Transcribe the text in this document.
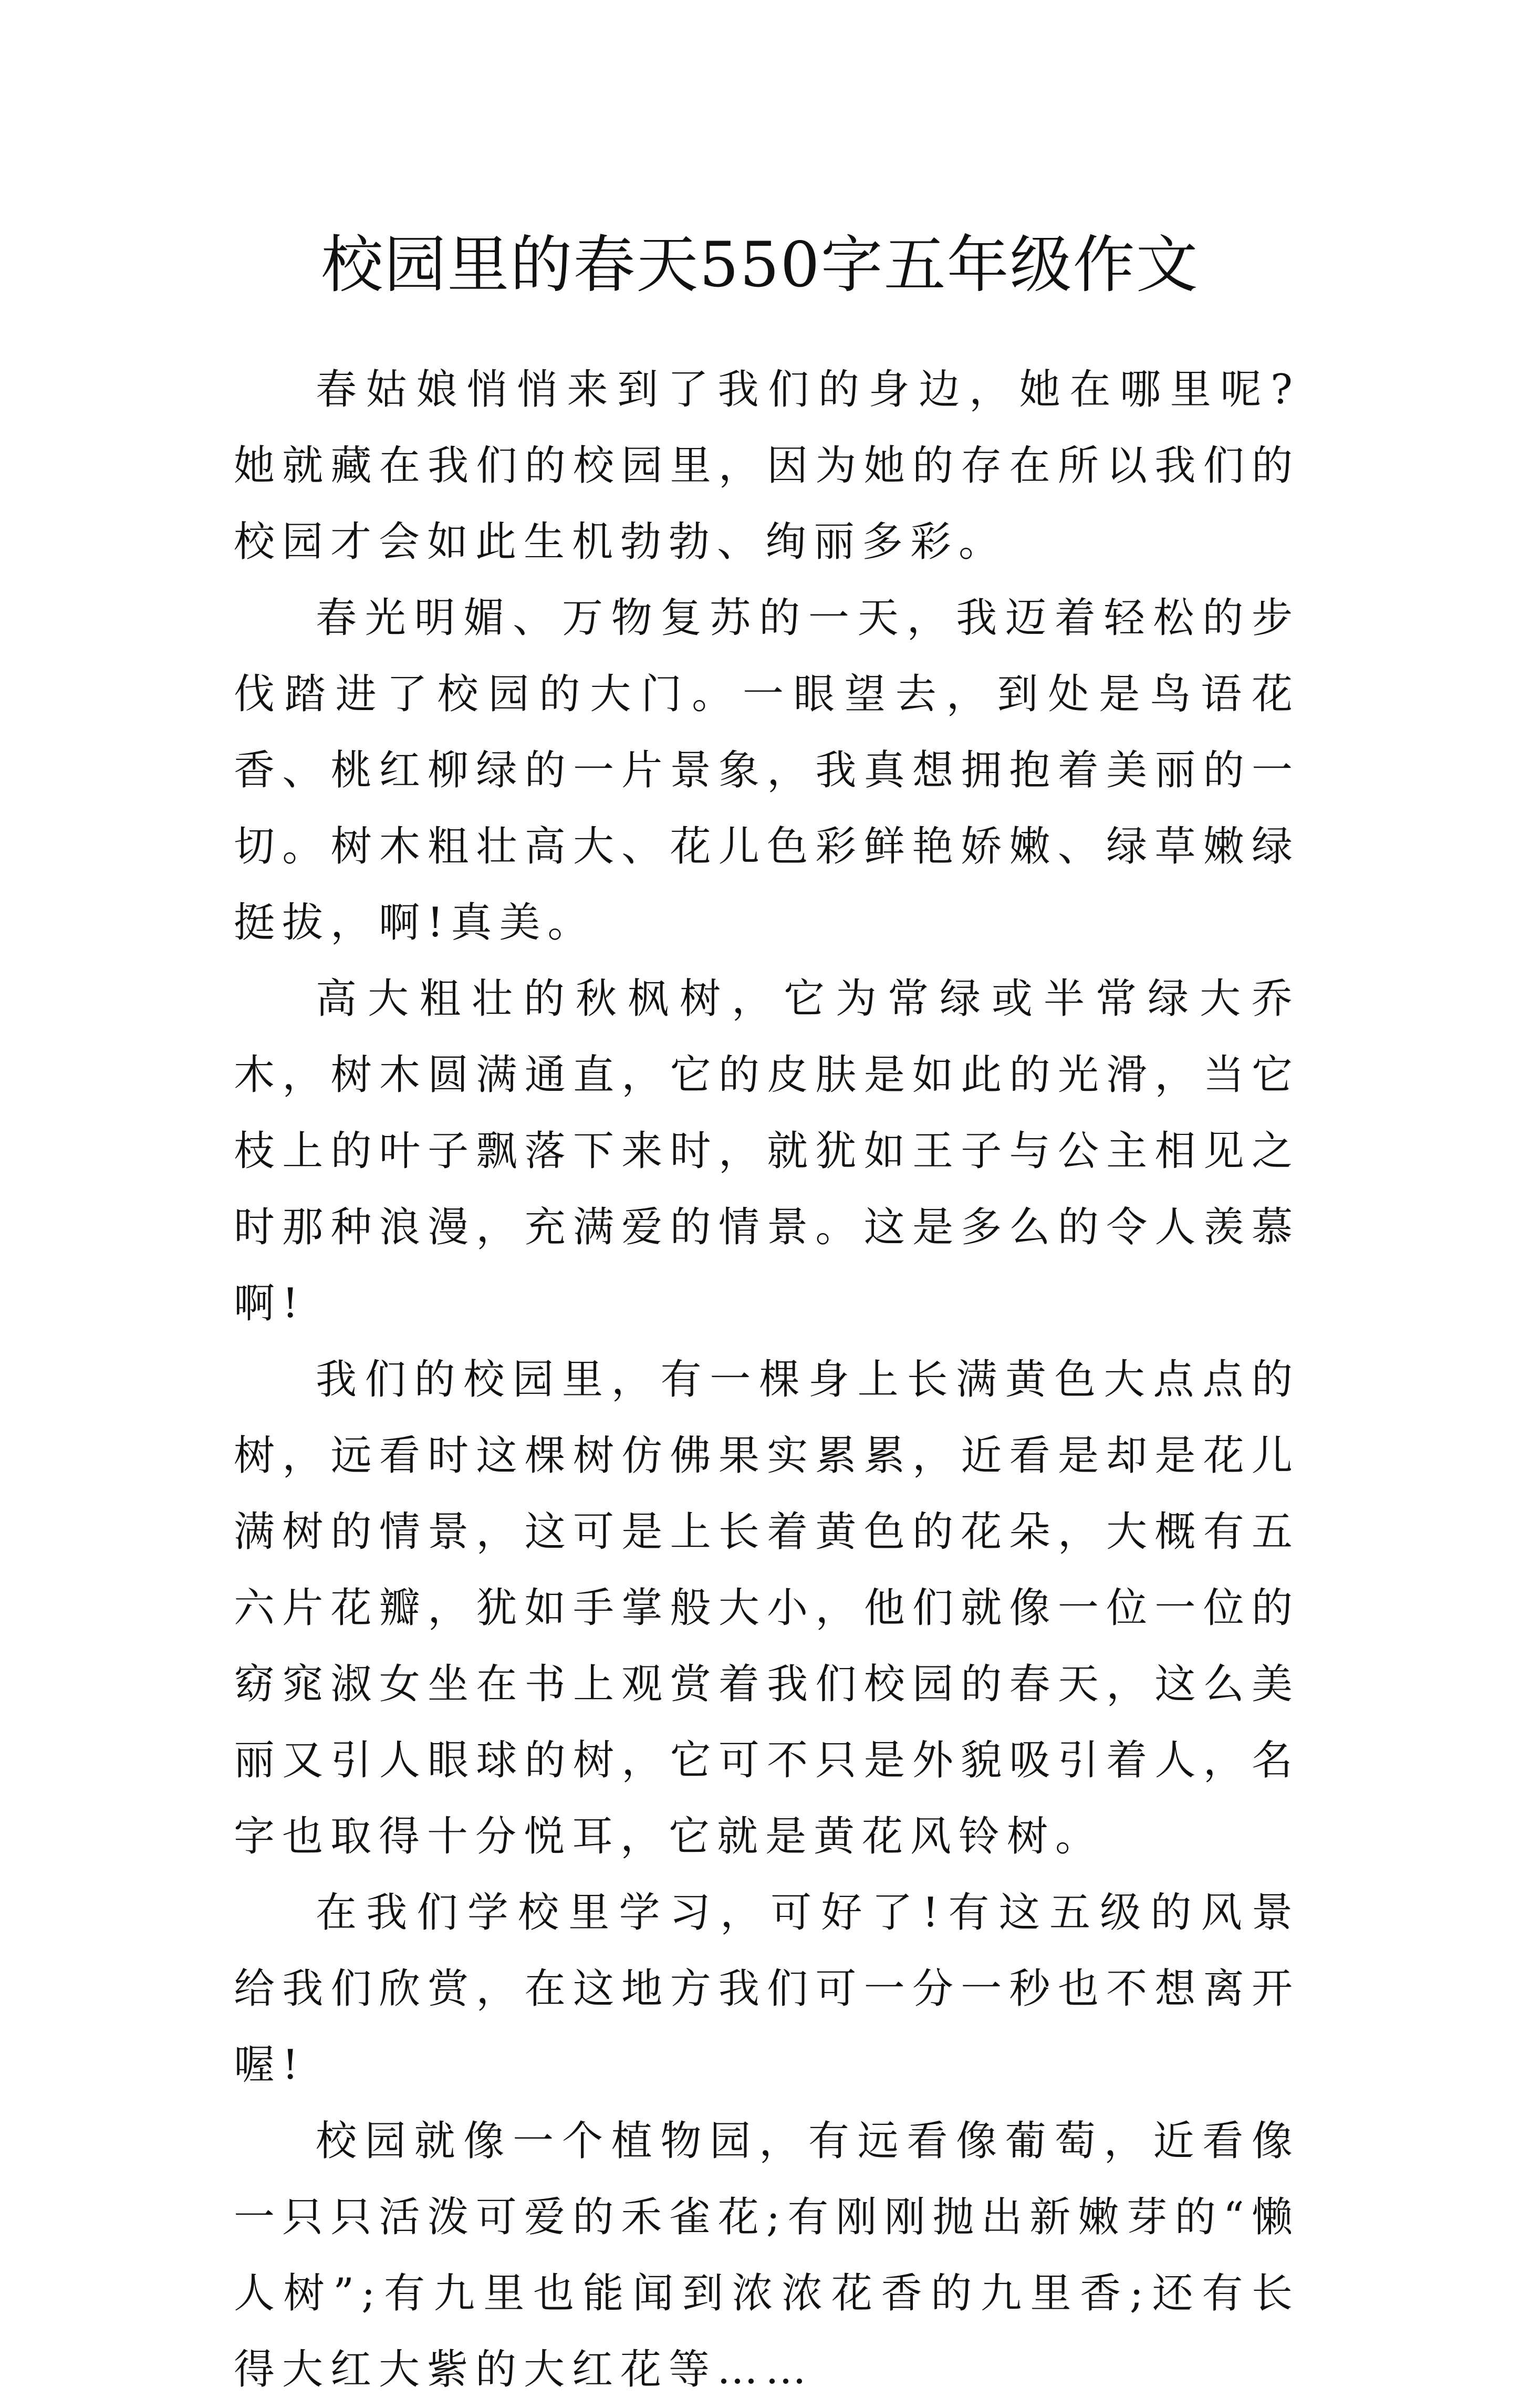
校园里的春天550字五年级作文

春姑娘悄悄来到了我们的身边，她在哪里呢?她就藏在我们的校园里，因为她的存在所以我们的校园才会如此生机勃勃、绚丽多彩。

春光明媚、万物复苏的一天，我迈着轻松的步伐踏进了校园的大门。一眼望去，到处是鸟语花香、桃红柳绿的一片景象，我真想拥抱着美丽的一切。树木粗壮高大、花儿色彩鲜艳娇嫩、绿草嫩绿挺拔，啊!真美。

高大粗壮的秋枫树，它为常绿或半常绿大乔木，树木圆满通直，它的皮肤是如此的光滑，当它枝上的叶子飘落下来时，就犹如王子与公主相见之时那种浪漫，充满爱的情景。这是多么的令人羡慕啊!

我们的校园里，有一棵身上长满黄色大点点的树，远看时这棵树仿佛果实累累，近看是却是花儿满树的情景，这可是上长着黄色的花朵，大概有五六片花瓣，犹如手掌般大小，他们就像一位一位的窈窕淑女坐在书上观赏着我们校园的春天，这么美丽又引人眼球的树，它可不只是外貌吸引着人，名字也取得十分悦耳，它就是黄花风铃树。

在我们学校里学习，可好了!有这五级的风景给我们欣赏，在这地方我们可一分一秒也不想离开喔!

校园就像一个植物园，有远看像葡萄，近看像一只只活泼可爱的禾雀花;有刚刚抛出新嫩芽的“懒人树”;有九里也能闻到浓浓花香的九里香;还有长得大红大紫的大红花等……
